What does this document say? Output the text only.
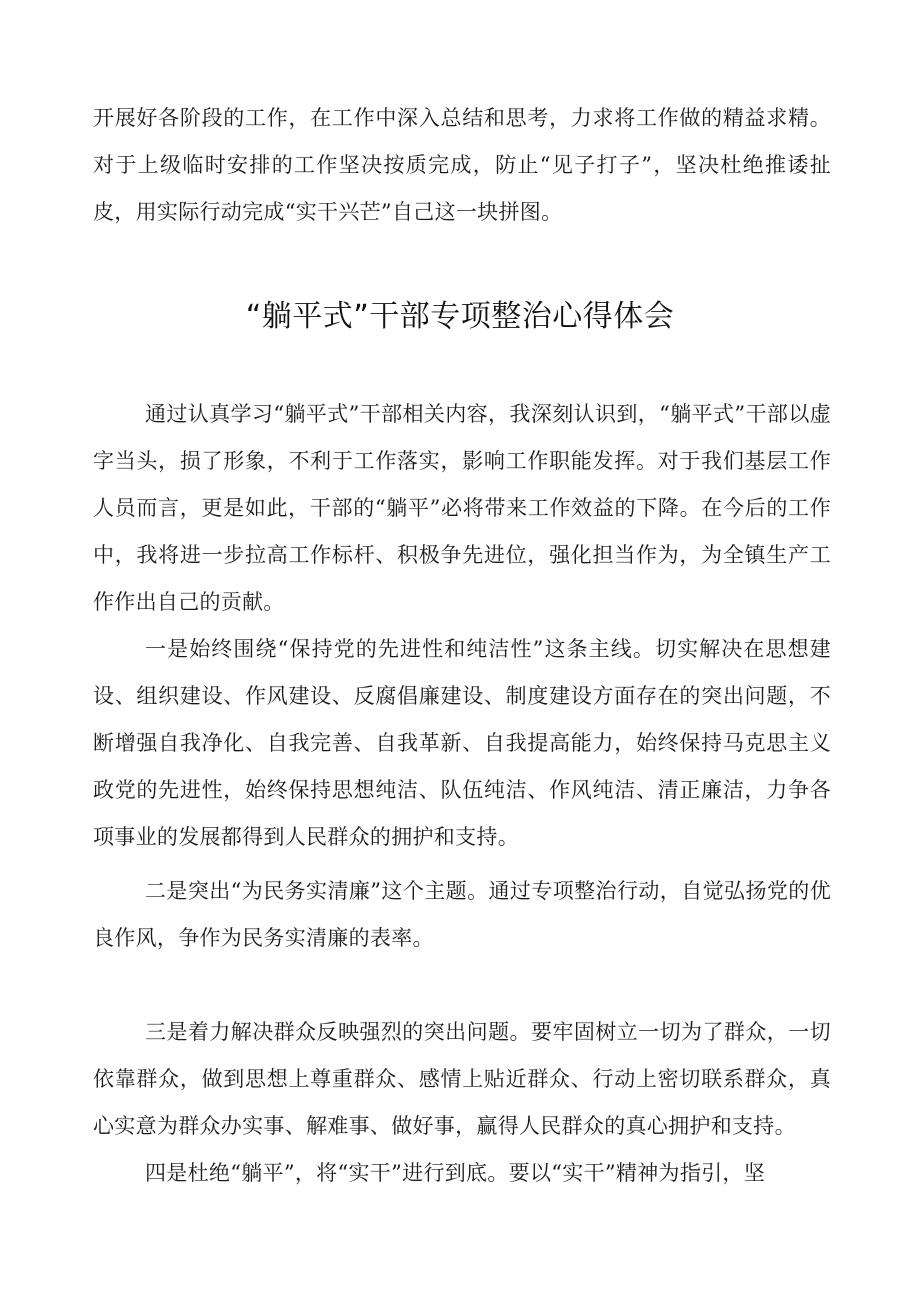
开展好各阶段的工作，在工作中深入总结和思考，力求将工作做的精益求精。对于上级临时安排的工作坚决按质完成，防止“见子打子”，坚决杜绝推诿扯皮，用实际行动完成“实干兴芒”自己这一块拼图。

“躺平式”干部专项整治心得体会

通过认真学习“躺平式”干部相关内容，我深刻认识到，“躺平式”干部以虚字当头，损了形象，不利于工作落实，影响工作职能发挥。对于我们基层工作人员而言，更是如此，干部的“躺平”必将带来工作效益的下降。在今后的工作中，我将进一步拉高工作标杆、积极争先进位，强化担当作为，为全镇生产工作作出自己的贡献。

一是始终围绕“保持党的先进性和纯洁性”这条主线。切实解决在思想建设、组织建设、作风建设、反腐倡廉建设、制度建设方面存在的突出问题，不断增强自我净化、自我完善、自我革新、自我提高能力，始终保持马克思主义政党的先进性，始终保持思想纯洁、队伍纯洁、作风纯洁、清正廉洁，力争各项事业的发展都得到人民群众的拥护和支持。

二是突出“为民务实清廉”这个主题。通过专项整治行动，自觉弘扬党的优良作风，争作为民务实清廉的表率。

三是着力解决群众反映强烈的突出问题。要牢固树立一切为了群众，一切依靠群众，做到思想上尊重群众、感情上贴近群众、行动上密切联系群众，真心实意为群众办实事、解难事、做好事，赢得人民群众的真心拥护和支持。

四是杜绝“躺平”，将“实干”进行到底。要以“实干”精神为指引，坚
